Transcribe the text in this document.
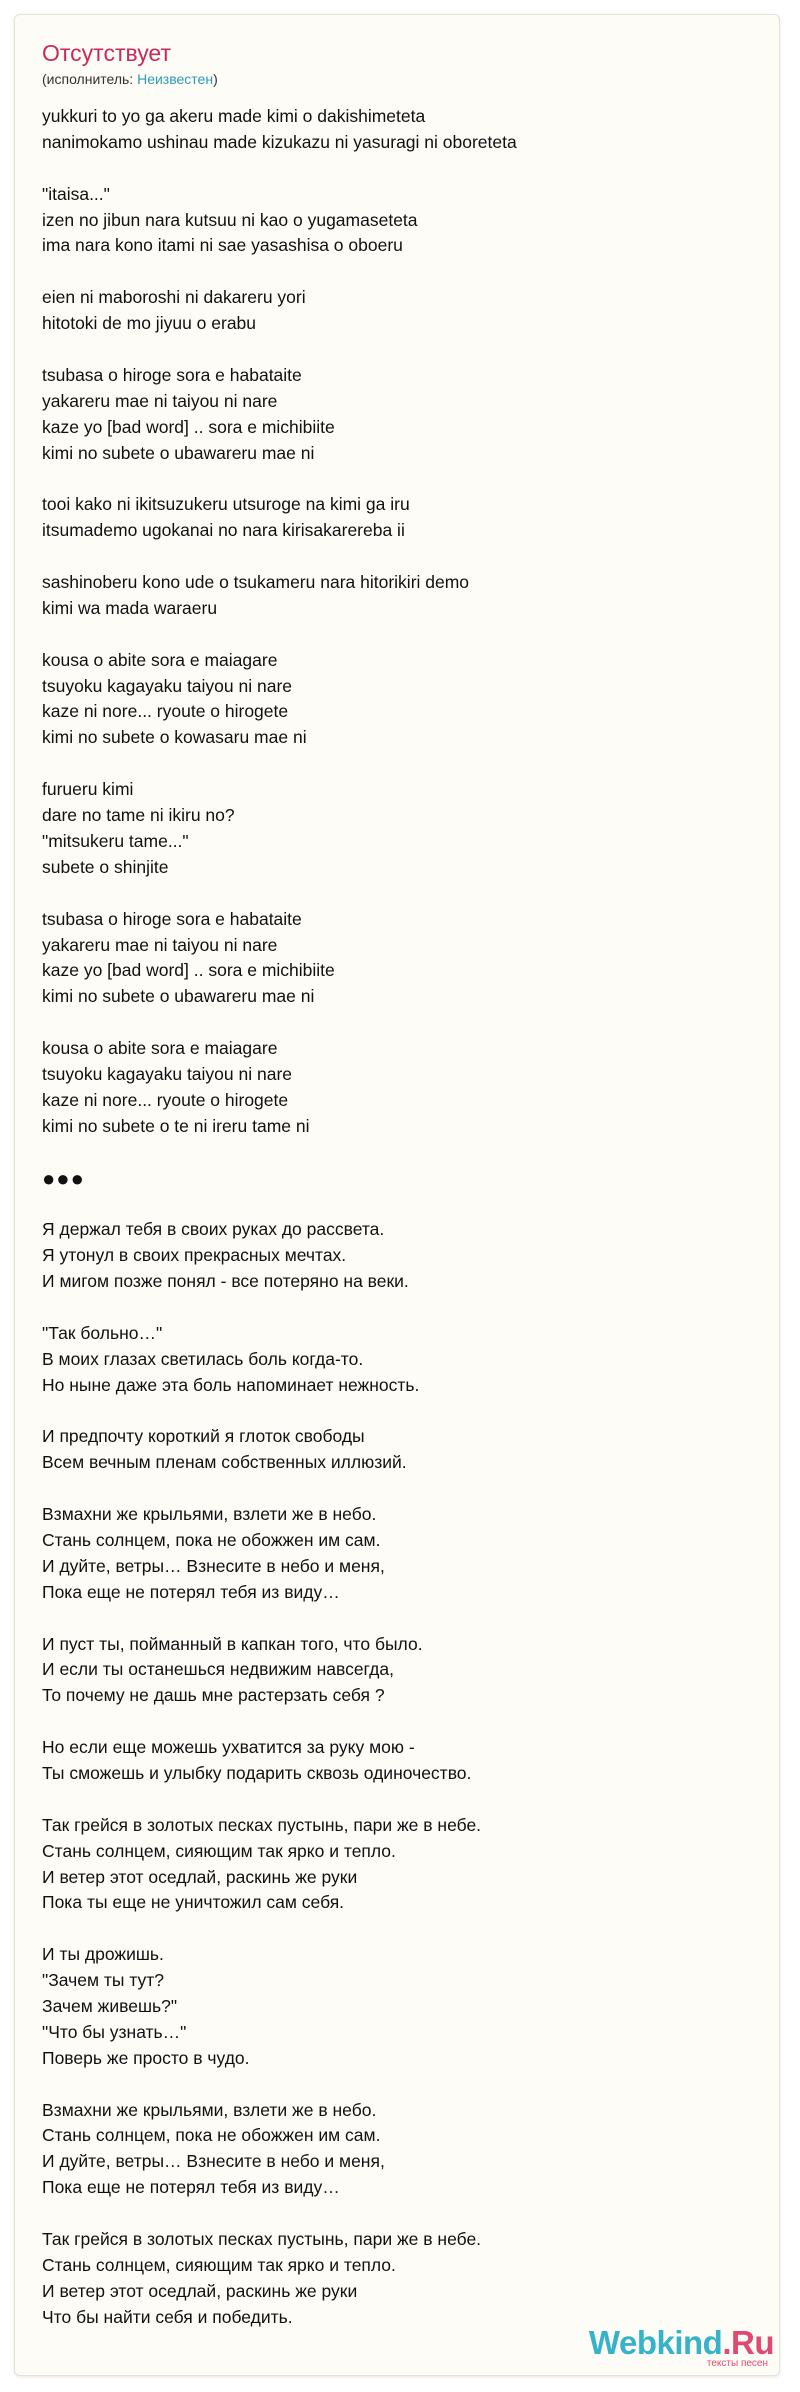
Отсутствует
(исполнитель: Неизвестен)
yukkuri to yo ga akeru made kimi o dakishimeteta
nanimokamo ushinau made kizukazu ni yasuragi ni oboreteta
"itaisa..."
izen no jibun nara kutsuu ni kao o yugamaseteta
ima nara kono itami ni sae yasashisa o oboeru
eien ni maboroshi ni dakareru yori
hitotoki de mo jiyuu o erabu
tsubasa o hiroge sora e habataite
yakareru mae ni taiyou ni nare
kaze yo [bad word] .. sora e michibiite
kimi no subete o ubawareru mae ni
tooi kako ni ikitsuzukeru utsuroge na kimi ga iru
itsumademo ugokanai no nara kirisakarereba ii
sashinoberu kono ude o tsukameru nara hitorikiri demo
kimi wa mada waraeru
kousa o abite sora e maiagare
tsuyoku kagayaku taiyou ni nare
kaze ni nore... ryoute o hirogete
kimi no subete o kowasaru mae ni
furueru kimi
dare no tame ni ikiru no?
"mitsukeru tame..."
subete o shinjite
tsubasa o hiroge sora e habataite
yakareru mae ni taiyou ni nare
kaze yo [bad word] .. sora e michibiite
kimi no subete o ubawareru mae ni
kousa o abite sora e maiagare
tsuyoku kagayaku taiyou ni nare
kaze ni nore... ryoute o hirogete
kimi no subete o te ni ireru tame ni
●●●
Я держал тебя в своих руках до рассвета.
Я утонул в своих прекрасных мечтах.
И мигом позже понял - все потеряно на веки.
"Так больно…"
В моих глазах светилась боль когда-то.
Но ныне даже эта боль напоминает нежность.
И предпочту короткий я глоток свободы
Всем вечным пленам собственных иллюзий.
Взмахни же крыльями, взлети же в небо.
Стань солнцем, пока не обожжен им сам.
И дуйте, ветры… Взнесите в небо и меня,
Пока еще не потерял тебя из виду…
И пуст ты, пойманный в капкан того, что было.
И если ты останешься недвижим навсегда,
То почему не дашь мне растерзать себя ?
Но если еще можешь ухватится за руку мою -
Ты сможешь и улыбку подарить сквозь одиночество.
Так грейся в золотых песках пустынь, пари же в небе.
Стань солнцем, сияющим так ярко и тепло.
И ветер этот оседлай, раскинь же руки
Пока ты еще не уничтожил сам себя.
И ты дрожишь.
"Зачем ты тут?
Зачем живешь?"
"Что бы узнать…"
Поверь же просто в чудо.
Взмахни же крыльями, взлети же в небо.
Стань солнцем, пока не обожжен им сам.
И дуйте, ветры… Взнесите в небо и меня,
Пока еще не потерял тебя из виду…
Так грейся в золотых песках пустынь, пари же в небе.
Стань солнцем, сияющим так ярко и тепло.
И ветер этот оседлай, раскинь же руки
Что бы найти себя и победить.
Webkind.Ru
тексты песен
